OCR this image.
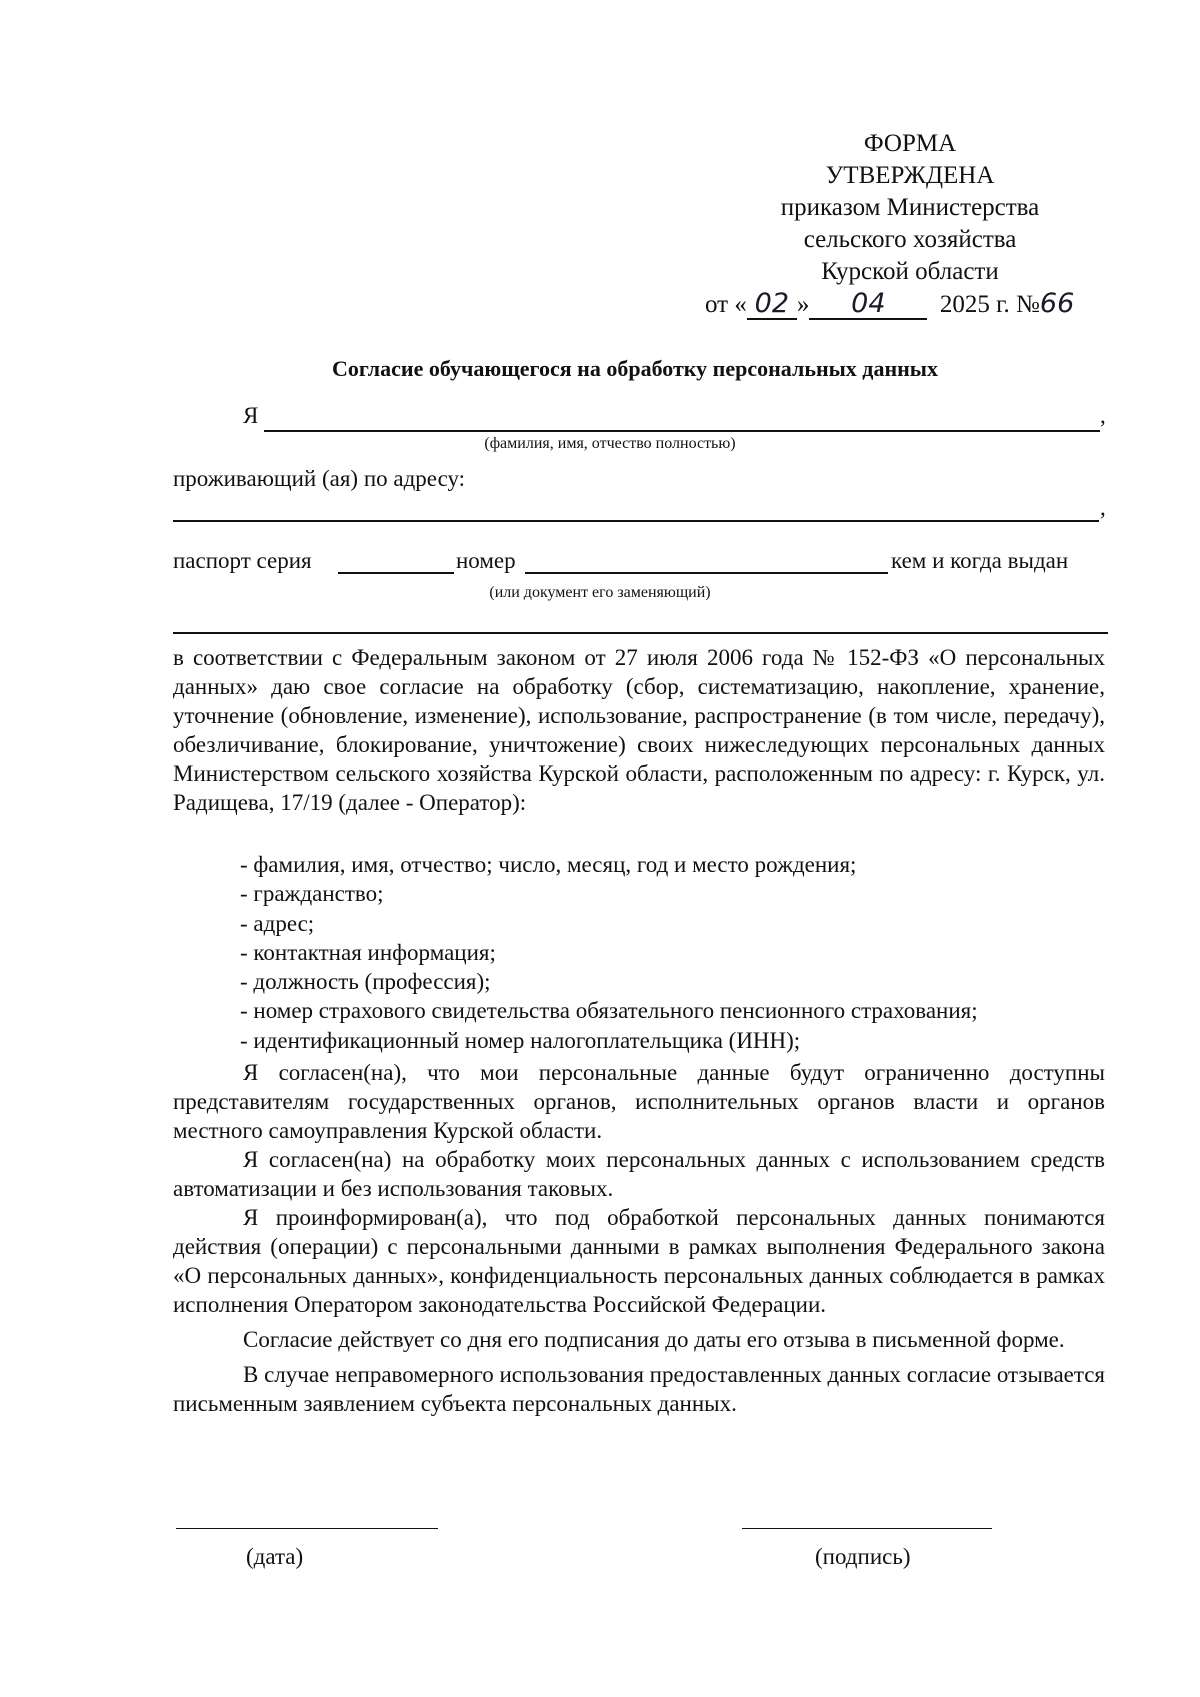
ФОРМА
УТВЕРЖДЕНА
приказом Министерства
сельского хозяйства
Курской области
от « 02 » 04 2025 г. №66
Согласие обучающегося на обработку персональных данных
Я	,
(фамилия, имя, отчество полностью)
проживающий (ая) по адресу:
,
паспорт серия	номер	кем и когда выдан
(или документ его заменяющий)

в соответствии с Федеральным законом от 27 июля 2006 года № 152-ФЗ «О персональных данных» даю свое согласие на обработку (сбор, систематизацию, накопление, хранение, уточнение (обновление, изменение), использование, распространение (в том числе, передачу), обезличивание, блокирование, уничтожение) своих нижеследующих персональных данных Министерством сельского хозяйства Курской области, расположенным по адресу: г. Курск, ул. Радищева, 17/19 (далее - Оператор):

- фамилия, имя, отчество; число, месяц, год и место рождения;
- гражданство;
- адрес;
- контактная информация;
- должность (профессия);
- номер страхового свидетельства обязательного пенсионного страхования;
- идентификационный номер налогоплательщика (ИНН);

Я согласен(на), что мои персональные данные будут ограниченно доступны представителям государственных органов, исполнительных органов власти и органов местного самоуправления Курской области.

Я согласен(на) на обработку моих персональных данных с использованием средств автоматизации и без использования таковых.

Я проинформирован(а), что под обработкой персональных данных понимаются действия (операции) с персональными данными в рамках выполнения Федерального закона «О персональных данных», конфиденциальность персональных данных соблюдается в рамках исполнения Оператором законодательства Российской Федерации.

Согласие действует со дня его подписания до даты его отзыва в письменной форме.

В случае неправомерного использования предоставленных данных согласие отзывается письменным заявлением субъекта персональных данных.

(дата)	(подпись)
